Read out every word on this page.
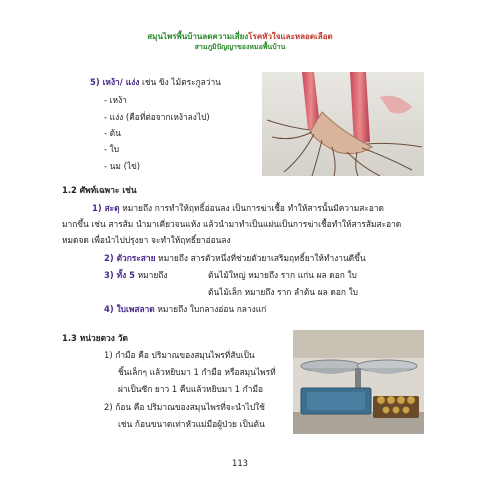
สมุนไพรพื้นบ้านลดความเสี่ยงโรคหัวใจและหลอดเลือด
สามภูมิปัญญาของหมอพื้นบ้าน
5) เหง้า/ แง่ง เช่น ขิง ไม้ตระกูลว่าน
- เหง้า
- แง่ง (คือที่ต่อจากเหง้าลงไป)
- ต้น
- ใบ
- นม (ไข่)
1.2 ศัพท์เฉพาะ เช่น
1) สะตุ หมายถึง การทำให้ฤทธิ์อ่อนลง เป็นการฆ่าเชื้อ ทำให้สารนั้นมีความสะอาด
มากขึ้น เช่น สารส้ม นำมาเคี่ยวจนแห้ง แล้วนำมาทำเป็นแผ่นเป็นการฆ่าเชื้อทำให้สารส้มสะอาด
หมดจด เพื่อนำไปปรุงยา จะทำให้ฤทธิ์ยาอ่อนลง
2) ตัวกระสาย หมายถึง สารตัวหนึ่งที่ช่วยตัวยาเสริมฤทธิ์ยาให้ทำงานดีขึ้น
3) ทั้ง 5 หมายถึง	ต้นไม้ใหญ่ หมายถึง ราก แก่น ผล ดอก ใบ
ต้นไม้เล็ก หมายถึง ราก ลำต้น ผล ดอก ใบ
4) ใบเพสลาด หมายถึง ใบกลางอ่อน กลางแก่
1.3 หน่วยตวง วัด
1) กำมือ คือ ปริมาณของสมุนไพรที่สับเป็น
ชิ้นเล็กๆ แล้วหยิบมา 1 กำมือ หรือสมุนไพรที่
ผ่าเป็นซีก ยาว 1 คืบแล้วหยิบมา 1 กำมือ
2) ก้อน คือ ปริมาณของสมุนไพรที่จะนำไปใช้
เช่น ก้อนขนาดเท่าหัวแม่มือผู้ป่วย เป็นต้น
113
